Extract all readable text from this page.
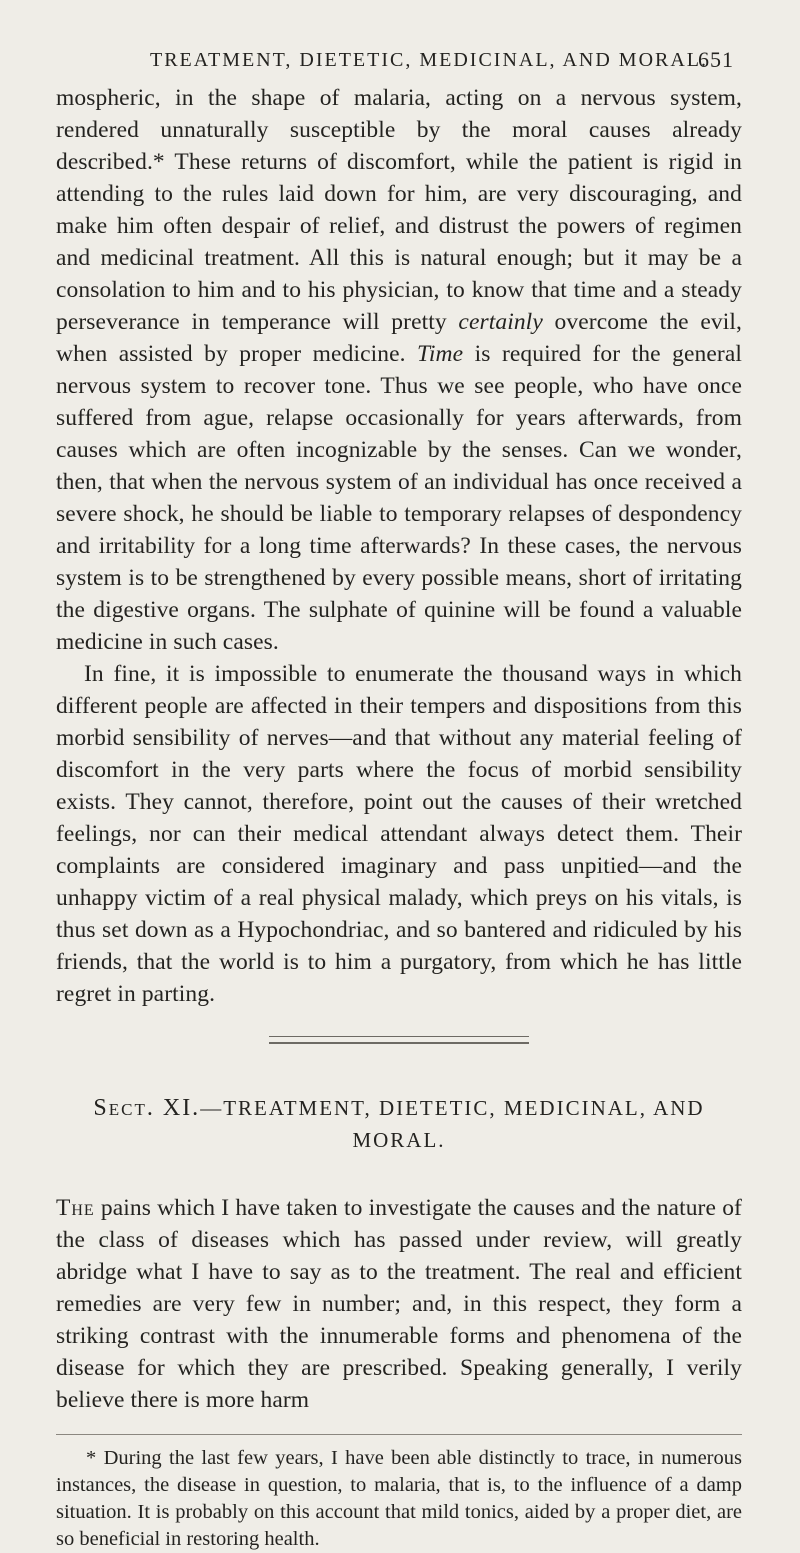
TREATMENT, DIETETIC, MEDICINAL, AND MORAL.
651

mospheric, in the shape of malaria, acting on a nervous system, rendered unnaturally susceptible by the moral causes already described.* These returns of discomfort, while the patient is rigid in attending to the rules laid down for him, are very discouraging, and make him often despair of relief, and distrust the powers of regimen and medicinal treatment. All this is natural enough; but it may be a consolation to him and to his physician, to know that time and a steady perseverance in temperance will pretty certainly overcome the evil, when assisted by proper medicine. Time is required for the general nervous system to recover tone. Thus we see people, who have once suffered from ague, relapse occasionally for years afterwards, from causes which are often incognizable by the senses. Can we wonder, then, that when the nervous system of an individual has once received a severe shock, he should be liable to temporary relapses of despondency and irritability for a long time afterwards? In these cases, the nervous system is to be strengthened by every possible means, short of irritating the digestive organs. The sulphate of quinine will be found a valuable medicine in such cases.

In fine, it is impossible to enumerate the thousand ways in which different people are affected in their tempers and dispositions from this morbid sensibility of nerves—and that without any material feeling of discomfort in the very parts where the focus of morbid sensibility exists. They cannot, therefore, point out the causes of their wretched feelings, nor can their medical attendant always detect them. Their complaints are considered imaginary and pass unpitied—and the unhappy victim of a real physical malady, which preys on his vitals, is thus set down as a Hypochondriac, and so bantered and ridiculed by his friends, that the world is to him a purgatory, from which he has little regret in parting.

Sect. XI.—TREATMENT, DIETETIC, MEDICINAL, AND MORAL.

The pains which I have taken to investigate the causes and the nature of the class of diseases which has passed under review, will greatly abridge what I have to say as to the treatment. The real and efficient remedies are very few in number; and, in this respect, they form a striking contrast with the innumerable forms and phenomena of the disease for which they are prescribed. Speaking generally, I verily believe there is more harm

* During the last few years, I have been able distinctly to trace, in numerous instances, the disease in question, to malaria, that is, to the influence of a damp situation. It is probably on this account that mild tonics, aided by a proper diet, are so beneficial in restoring health.
